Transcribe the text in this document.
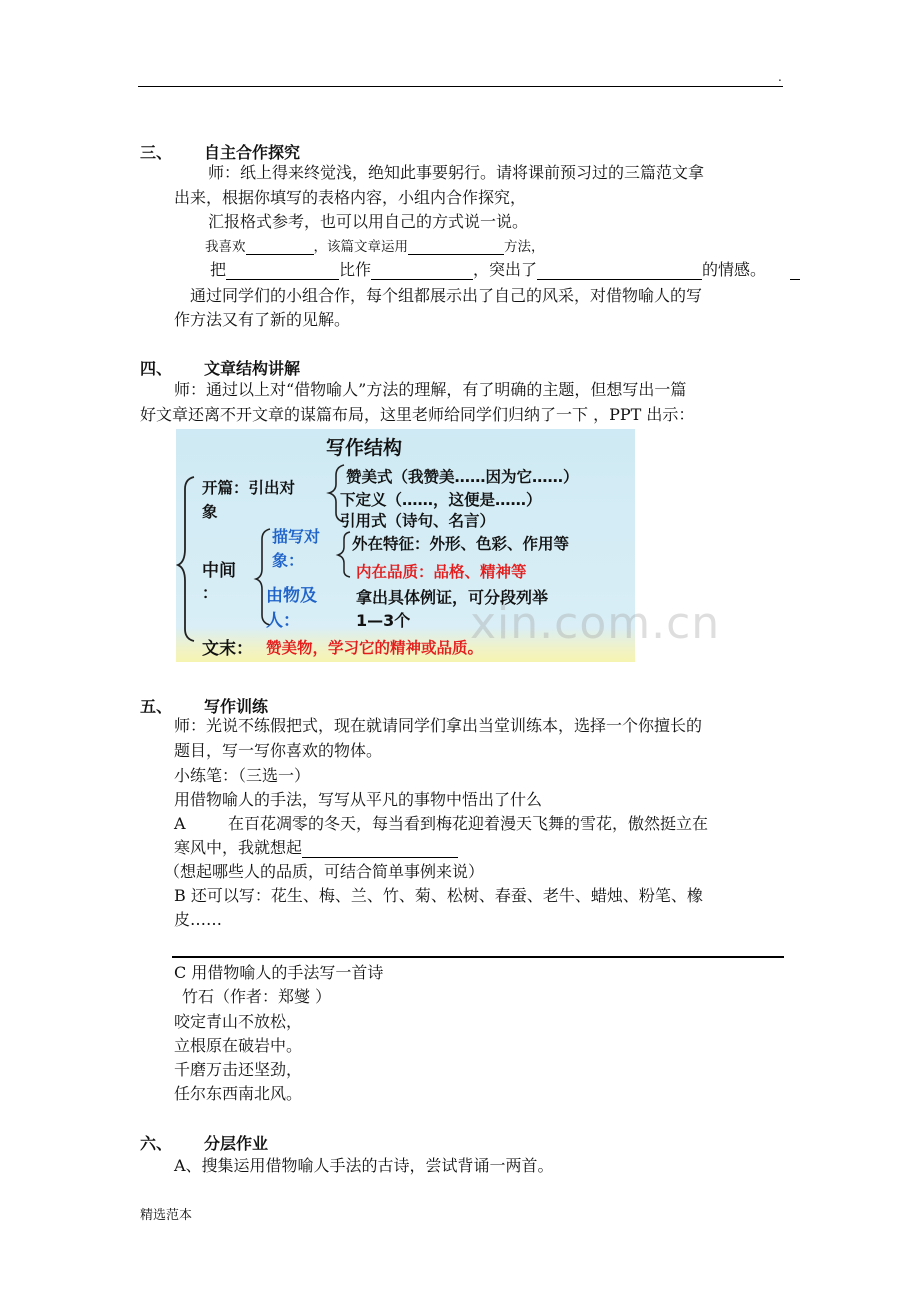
.
三、 自主合作探究
师：纸上得来终觉浅，绝知此事要躬行。请将课前预习过的三篇范文拿
出来，根据你填写的表格内容，小组内合作探究，
汇报格式参考，也可以用自己的方式说一说。
我喜欢	，该篇文章运用	方法，
把	比作	，突出了	的情感。
通过同学们的小组合作，每个组都展示出了自己的风采，对借物喻人的写
作方法又有了新的见解。
四、 文章结构讲解
师：通过以上对“借物喻人”方法的理解，有了明确的主题，但想写出一篇
好文章还离不开文章的谋篇布局，这里老师给同学们归纳了一下 ，PPT 出示：
写作结构
开篇：引出对
象
赞美式（我赞美……因为它……）
下定义（……，这便是……）
引用式（诗句、名言）
中间
：
描写对
象：
外在特征：外形、色彩、作用等
内在品质：品格、精神等
由物及
人：
拿出具体例证，可分段列举
1—3个
文末： 赞美物，学习它的精神或品质。
xin.com.cn
五、 写作训练
师：光说不练假把式，现在就请同学们拿出当堂训练本，选择一个你擅长的
题目，写一写你喜欢的物体。
小练笔：（三选一）
用借物喻人的手法，写写从平凡的事物中悟出了什么
A	在百花凋零的冬天，每当看到梅花迎着漫天飞舞的雪花，傲然挺立在
寒风中，我就想起
（想起哪些人的品质，可结合简单事例来说）
B 还可以写：花生、梅、兰、竹、菊、松树、春蚕、老牛、蜡烛、粉笔、橡
皮……
C 用借物喻人的手法写一首诗
竹石（作者：郑燮 ）
咬定青山不放松，
立根原在破岩中。
千磨万击还坚劲，
任尔东西南北风。
六、 分层作业
A、搜集运用借物喻人手法的古诗，尝试背诵一两首。
精选范本
